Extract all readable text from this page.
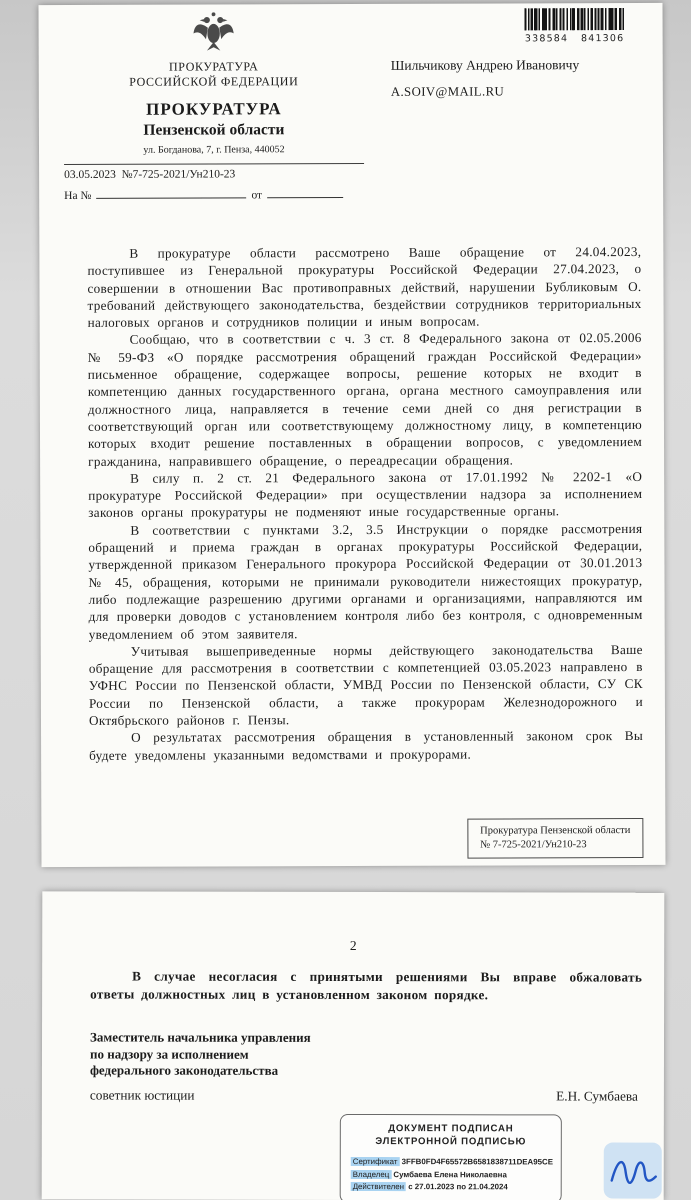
338584   841306
Шильчикову Андрею Ивановичу
A.SOIV@MAIL.RU
ПРОКУРАТУРА
РОССИЙСКОЙ ФЕДЕРАЦИИ
ПРОКУРАТУРА
Пензенской области
ул. Богданова, 7, г. Пенза, 440052
03.05.2023  №7-725-2021/Ун210-23
На №	от

В прокуратуре области рассмотрено Ваше обращение от 24.04.2023, поступившее из Генеральной прокуратуры Российской Федерации 27.04.2023, о совершении в отношении Вас противоправных действий, нарушении Бубликовым О. требований действующего законодательства, бездействии сотрудников территориальных налоговых органов и сотрудников полиции и иным вопросам.

Сообщаю, что в соответствии с ч. 3 ст. 8 Федерального закона от 02.05.2006 № 59-ФЗ «О порядке рассмотрения обращений граждан Российской Федерации» письменное обращение, содержащее вопросы, решение которых не входит в компетенцию данных государственного органа, органа местного самоуправления или должностного лица, направляется в течение семи дней со дня регистрации в соответствующий орган или соответствующему должностному лицу, в компетенцию которых входит решение поставленных в обращении вопросов, с уведомлением гражданина, направившего обращение, о переадресации обращения.

В силу п. 2 ст. 21 Федерального закона от 17.01.1992 № 2202-1 «О прокуратуре Российской Федерации» при осуществлении надзора за исполнением законов органы прокуратуры не подменяют иные государственные органы.

В соответствии с пунктами 3.2, 3.5 Инструкции о порядке рассмотрения обращений и приема граждан в органах прокуратуры Российской Федерации, утвержденной приказом Генерального прокурора Российской Федерации от 30.01.2013 № 45, обращения, которыми не принимали руководители нижестоящих прокуратур, либо подлежащие разрешению другими органами и организациями, направляются им для проверки доводов с установлением контроля либо без контроля, с одновременным уведомлением об этом заявителя.

Учитывая вышеприведенные нормы действующего законодательства Ваше обращение для рассмотрения в соответствии с компетенцией 03.05.2023 направлено в УФНС России по Пензенской области, УМВД России по Пензенской области, СУ СК России по Пензенской области, а также прокурорам Железнодорожного и Октябрьского районов г. Пензы.

О результатах рассмотрения обращения в установленный законом срок Вы будете уведомлены указанными ведомствами и прокурорами.

Прокуратура Пензенской области
№ 7-725-2021/Ун210-23
2

В случае несогласия с принятыми решениями Вы вправе обжаловать ответы должностных лиц в установленном законом порядке.

Заместитель начальника управления
по надзору за исполнением
федерального законодательства
советник юстиции	Е.Н. Сумбаева
ДОКУМЕНТ ПОДПИСАН
ЭЛЕКТРОННОЙ ПОДПИСЬЮ
Сертификат 3FFB0FD4F65572B6581838711DEA95CE
Владелец Сумбаева Елена Николаевна
Действителен с 27.01.2023 по 21.04.2024
